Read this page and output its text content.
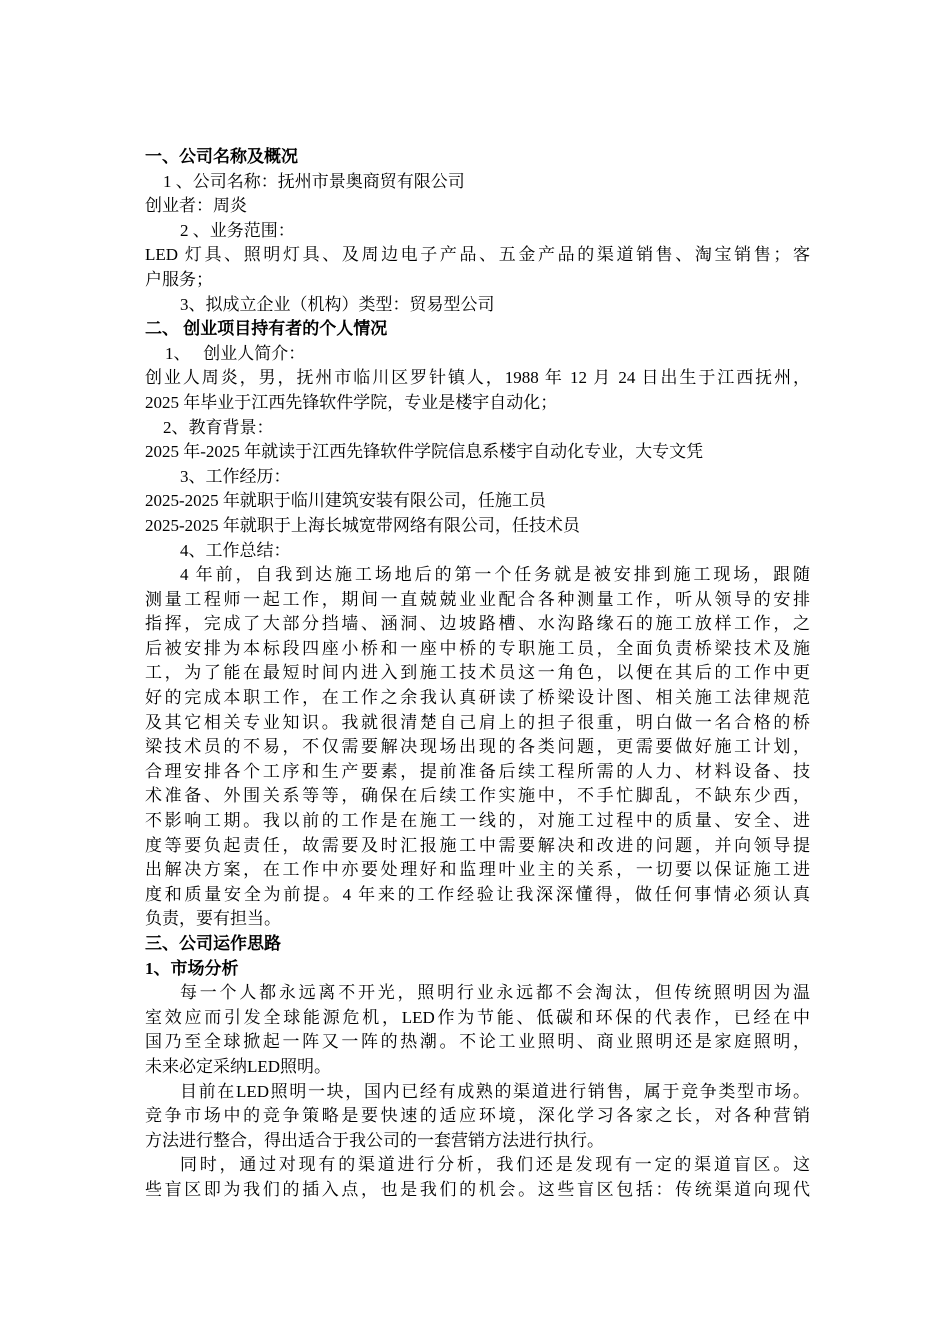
一、公司名称及概况
1 、公司名称：抚州市景奥商贸有限公司
创业者：周炎
2 、业务范围：
LED 灯具、照明灯具、及周边电子产品、五金产品的渠道销售、淘宝销售；客
户服务；
3、拟成立企业（机构）类型：贸易型公司
二、 创业项目持有者的个人情况
1、　 创业人简介：
创业人周炎，男，抚州市临川区罗针镇人，1988 年 12 月 24 日出生于江西抚州，
2025 年毕业于江西先锋软件学院，专业是楼宇自动化；
2、教育背景：
2025 年-2025 年就读于江西先锋软件学院信息系楼宇自动化专业，大专文凭
3、工作经历：
2025-2025 年就职于临川建筑安装有限公司，任施工员
2025-2025 年就职于上海长城宽带网络有限公司，任技术员
4、工作总结：
4 年前，自我到达施工场地后的第一个任务就是被安排到施工现场，跟随
测量工程师一起工作，期间一直兢兢业业配合各种测量工作，听从领导的安排
指挥，完成了大部分挡墙、涵洞、边坡路槽、水沟路缘石的施工放样工作，之
后被安排为本标段四座小桥和一座中桥的专职施工员，全面负责桥梁技术及施
工，为了能在最短时间内进入到施工技术员这一角色，以便在其后的工作中更
好的完成本职工作，在工作之余我认真研读了桥梁设计图、相关施工法律规范
及其它相关专业知识。我就很清楚自己肩上的担子很重，明白做一名合格的桥
梁技术员的不易，不仅需要解决现场出现的各类问题，更需要做好施工计划，
合理安排各个工序和生产要素，提前准备后续工程所需的人力、材料设备、技
术准备、外围关系等等，确保在后续工作实施中，不手忙脚乱，不缺东少西，
不影响工期。我以前的工作是在施工一线的，对施工过程中的质量、安全、进
度等要负起责任，故需要及时汇报施工中需要解决和改进的问题，并向领导提
出解决方案，在工作中亦要处理好和监理叶业主的关系，一切要以保证施工进
度和质量安全为前提。4 年来的工作经验让我深深懂得，做任何事情必须认真
负责，要有担当。
三、公司运作思路
1、市场分析
每一个人都永远离不开光，照明行业永远都不会淘汰，但传统照明因为温
室效应而引发全球能源危机，LED作为节能、低碳和环保的代表作，已经在中
国乃至全球掀起一阵又一阵的热潮。不论工业照明、商业照明还是家庭照明，
未来必定采纳LED照明。
目前在LED照明一块，国内已经有成熟的渠道进行销售，属于竞争类型市场。
竞争市场中的竞争策略是要快速的适应环境，深化学习各家之长，对各种营销
方法进行整合，得出适合于我公司的一套营销方法进行执行。
同时，通过对现有的渠道进行分析，我们还是发现有一定的渠道盲区。这
些盲区即为我们的插入点，也是我们的机会。这些盲区包括：传统渠道向现代
